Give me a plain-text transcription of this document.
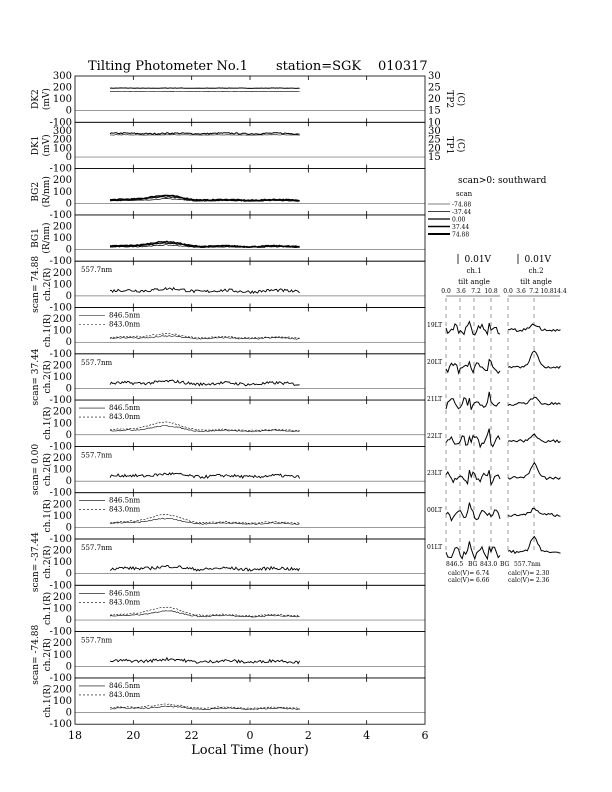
Tilting Photometer No.1 station=SGK 010317
300
200
100
0
DK2 (mV)
30
25
20
15
TP2 (C)
-100
300
200
100
0
DK1 (mV)
10
30
25
20
15
TP1 (C)
-100
200
100
0
BG2 (R/nm)
-100
200
100
0
BG1 (R/nm)
-100
200
100
0
scan= 74.88 ch.2(R)	557.7nm
-100
200
100
0
ch.1(R)	846.5nm
843.0nm
-100
200
100
0
scan= 37.44 ch.2(R)	557.7nm
-100
200
100
0
ch.1(R)	846.5nm
843.0nm
-100
200
100
0
scan= 0.00 ch.2(R)	557.7nm
-100
200
100
0
ch.1(R)	846.5nm
843.0nm
-100
200
100
0
scan= -37.44 ch.2(R)	557.7nm
-100
200
100
0
ch.1(R)	846.5nm
843.0nm
-100
200
100
0
scan= -74.88 ch.2(R)	557.7nm
-100
200
100
0
ch.1(R)	846.5nm
843.0nm
18	20	22	0	2	4	6
Local Time (hour)
-100
scan>0: southward
scan
-74.88
-37.44
0.00
37.44
74.88
 0.01V	 0.01V
ch.1	ch.2
tilt angle	tilt angle
0.0 3.6 7.2 10.8 0.0 3.6 7.2 10.8 14.4
19LT
20LT
21LT
22LT
23LT
00LT
01LT
846.5 BG 843.0 BG 557.7nm
calc(V)= 6.74
calc(V)= 6.66
calc(V)= 2.30
calc(V)= 2.36
